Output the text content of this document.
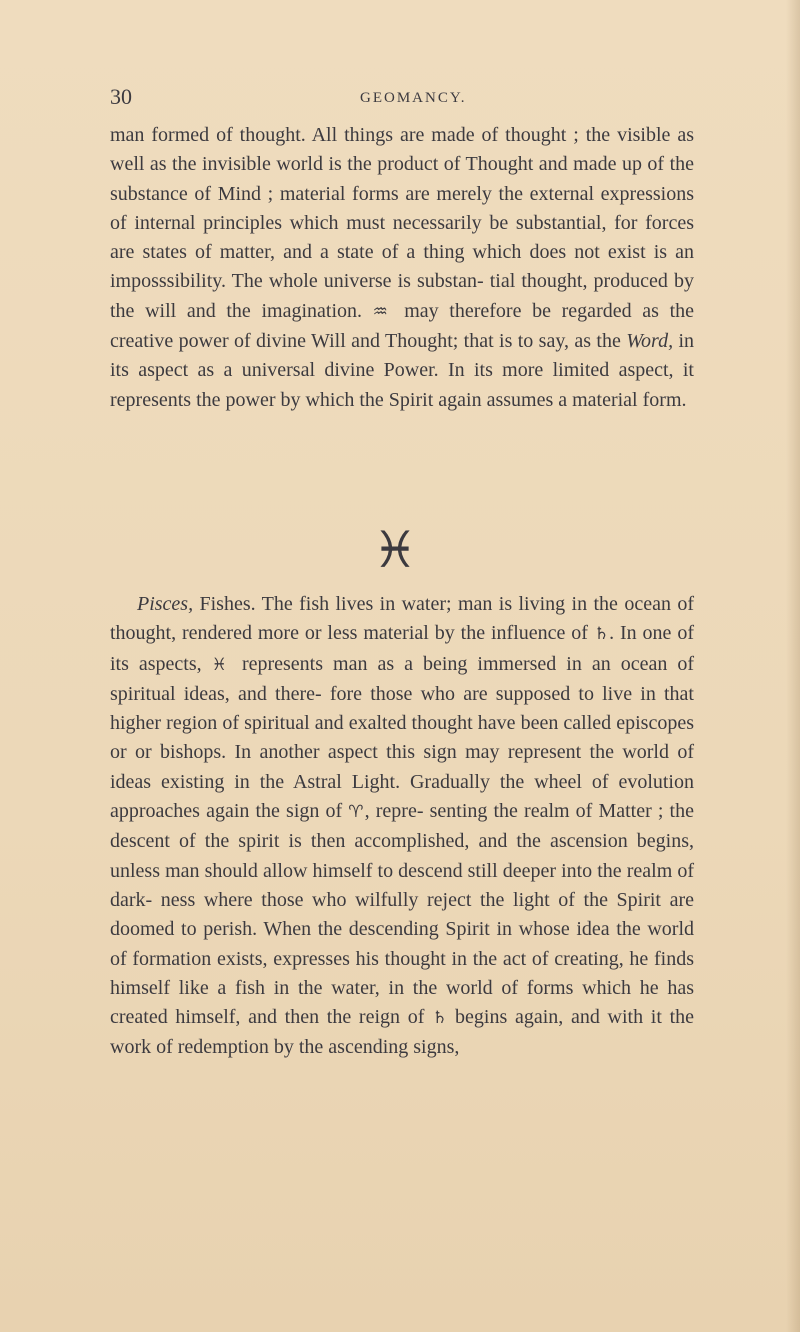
30	GEOMANCY.
man formed of thought. All things are made of thought ; the visible as well as the invisible world is the product of Thought and made up of the substance of Mind ; material forms are merely the external expressions of internal principles which must necessarily be substantial, for forces are states of matter, and a state of a thing which does not exist is an imposssibility. The whole universe is substan- tial thought, produced by the will and the imagination. ♒ may therefore be regarded as the creative power of divine Will and Thought; that is to say, as the Word, in its aspect as a universal divine Power. In its more limited aspect, it represents the power by which the Spirit again assumes a material form.
♓
Pisces, Fishes. The fish lives in water; man is living in the ocean of thought, rendered more or less material by the influence of ♄. In one of its aspects, ♓ represents man as a being immersed in an ocean of spiritual ideas, and there- fore those who are supposed to live in that higher region of spiritual and exalted thought have been called episcopes or or bishops. In another aspect this sign may represent the world of ideas existing in the Astral Light. Gradually the wheel of evolution approaches again the sign of ♈, repre- senting the realm of Matter ; the descent of the spirit is then accomplished, and the ascension begins, unless man should allow himself to descend still deeper into the realm of dark- ness where those who wilfully reject the light of the Spirit are doomed to perish. When the descending Spirit in whose idea the world of formation exists, expresses his thought in the act of creating, he finds himself like a fish in the water, in the world of forms which he has created himself, and then the reign of ♄ begins again, and with it the work of redemption by the ascending signs,
